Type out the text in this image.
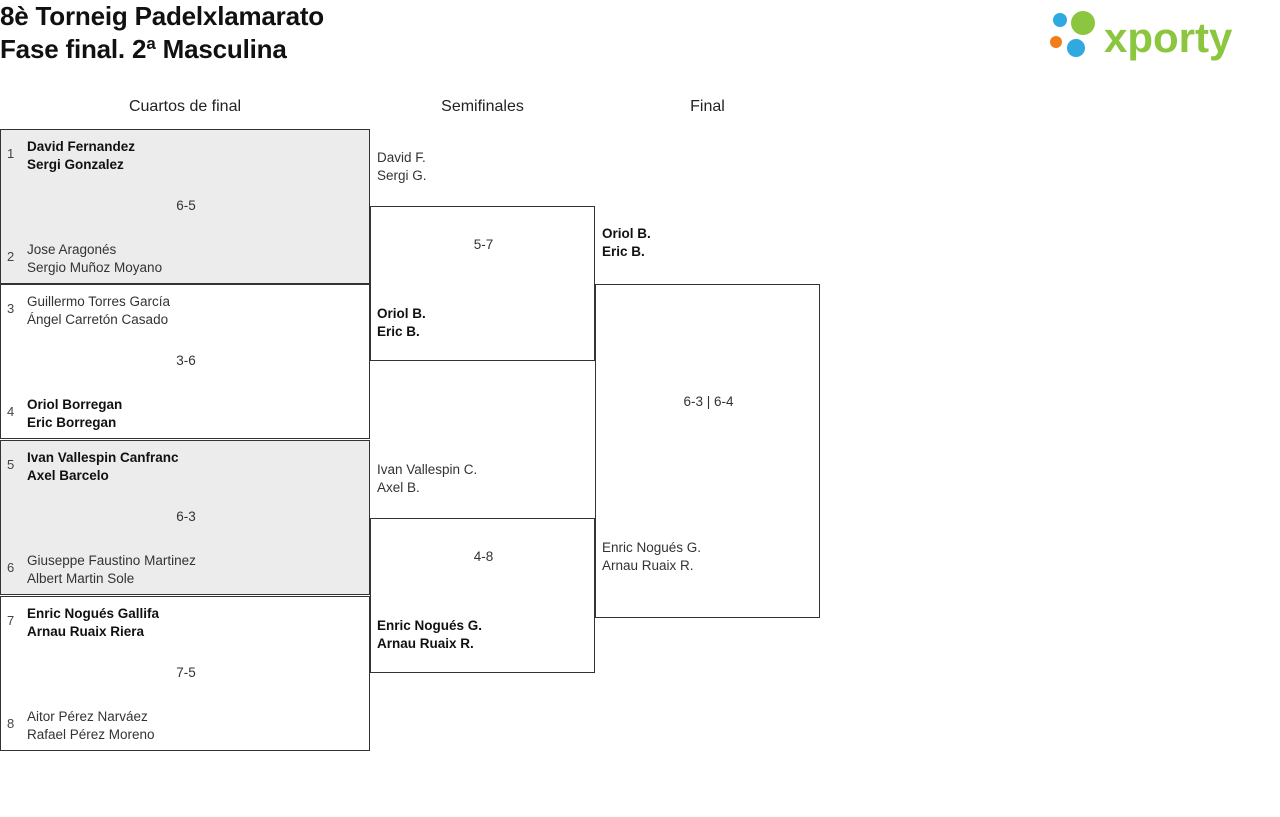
8è Torneig Padelxlamarato
Fase final. 2ª Masculina	xporty
Cuartos de final	Semifinales	Final
1 David Fernandez
Sergi Gonzalez
6-5
2 Jose Aragonés
Sergio Muñoz Moyano
3 Guillermo Torres García
Ángel Carretón Casado
3-6
4 Oriol Borregan
Eric Borregan
5 Ivan Vallespin Canfranc
Axel Barcelo
6-3
6 Giuseppe Faustino Martinez
Albert Martin Sole
7 Enric Nogués Gallifa
Arnau Ruaix Riera
7-5
8 Aitor Pérez Narváez
Rafael Pérez Moreno
David F.
Sergi G.
5-7
Oriol B.
Eric B.
Ivan Vallespin C.
Axel B.
4-8
Enric Nogués G.
Arnau Ruaix R.
Oriol B.
Eric B.
6-3 | 6-4
Enric Nogués G.
Arnau Ruaix R.
